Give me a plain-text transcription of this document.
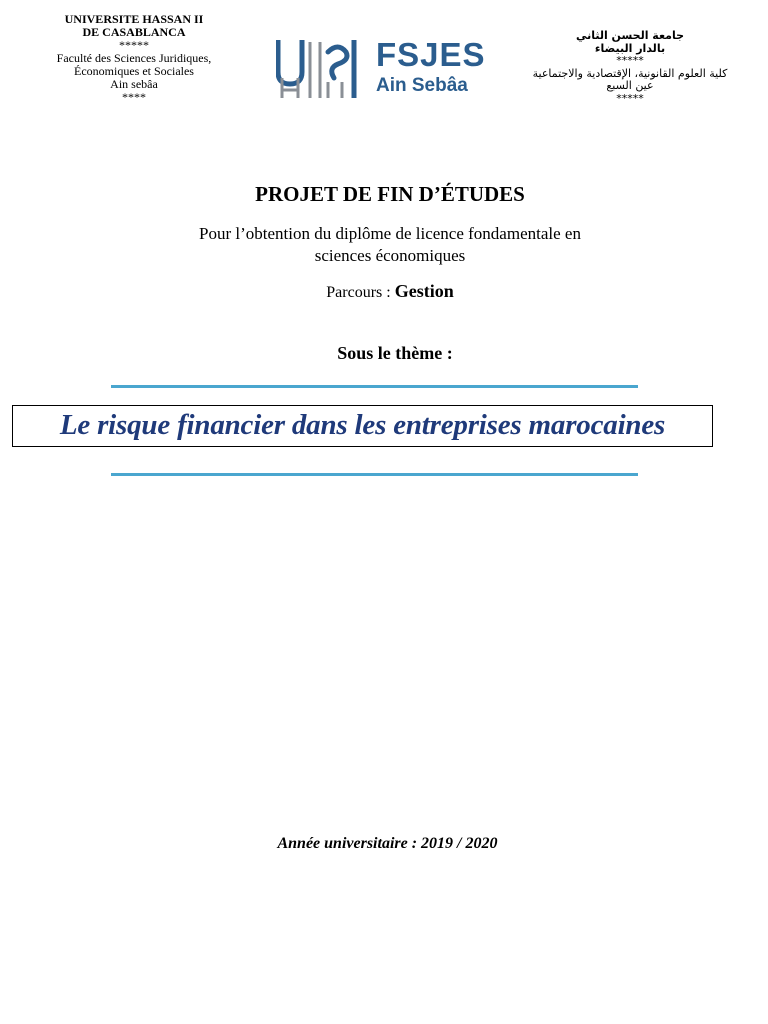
UNIVERSITE HASSAN II
DE CASABLANCA
*****
Faculté des Sciences Juridiques,
Économiques et Sociales
Ain sebâa
****
FSJES
Ain Sebâa
جامعة الحسن الثاني
بالدار البيضاء
*****
كلية العلوم القانونية، الإقتصادية والاجتماعية
عين السبع
*****
PROJET DE FIN D’ÉTUDES
Pour l’obtention du diplôme de licence fondamentale en
sciences économiques
Parcours : Gestion
Sous le thème :
Le risque financier dans les entreprises marocaines
Année universitaire : 2019 / 2020
